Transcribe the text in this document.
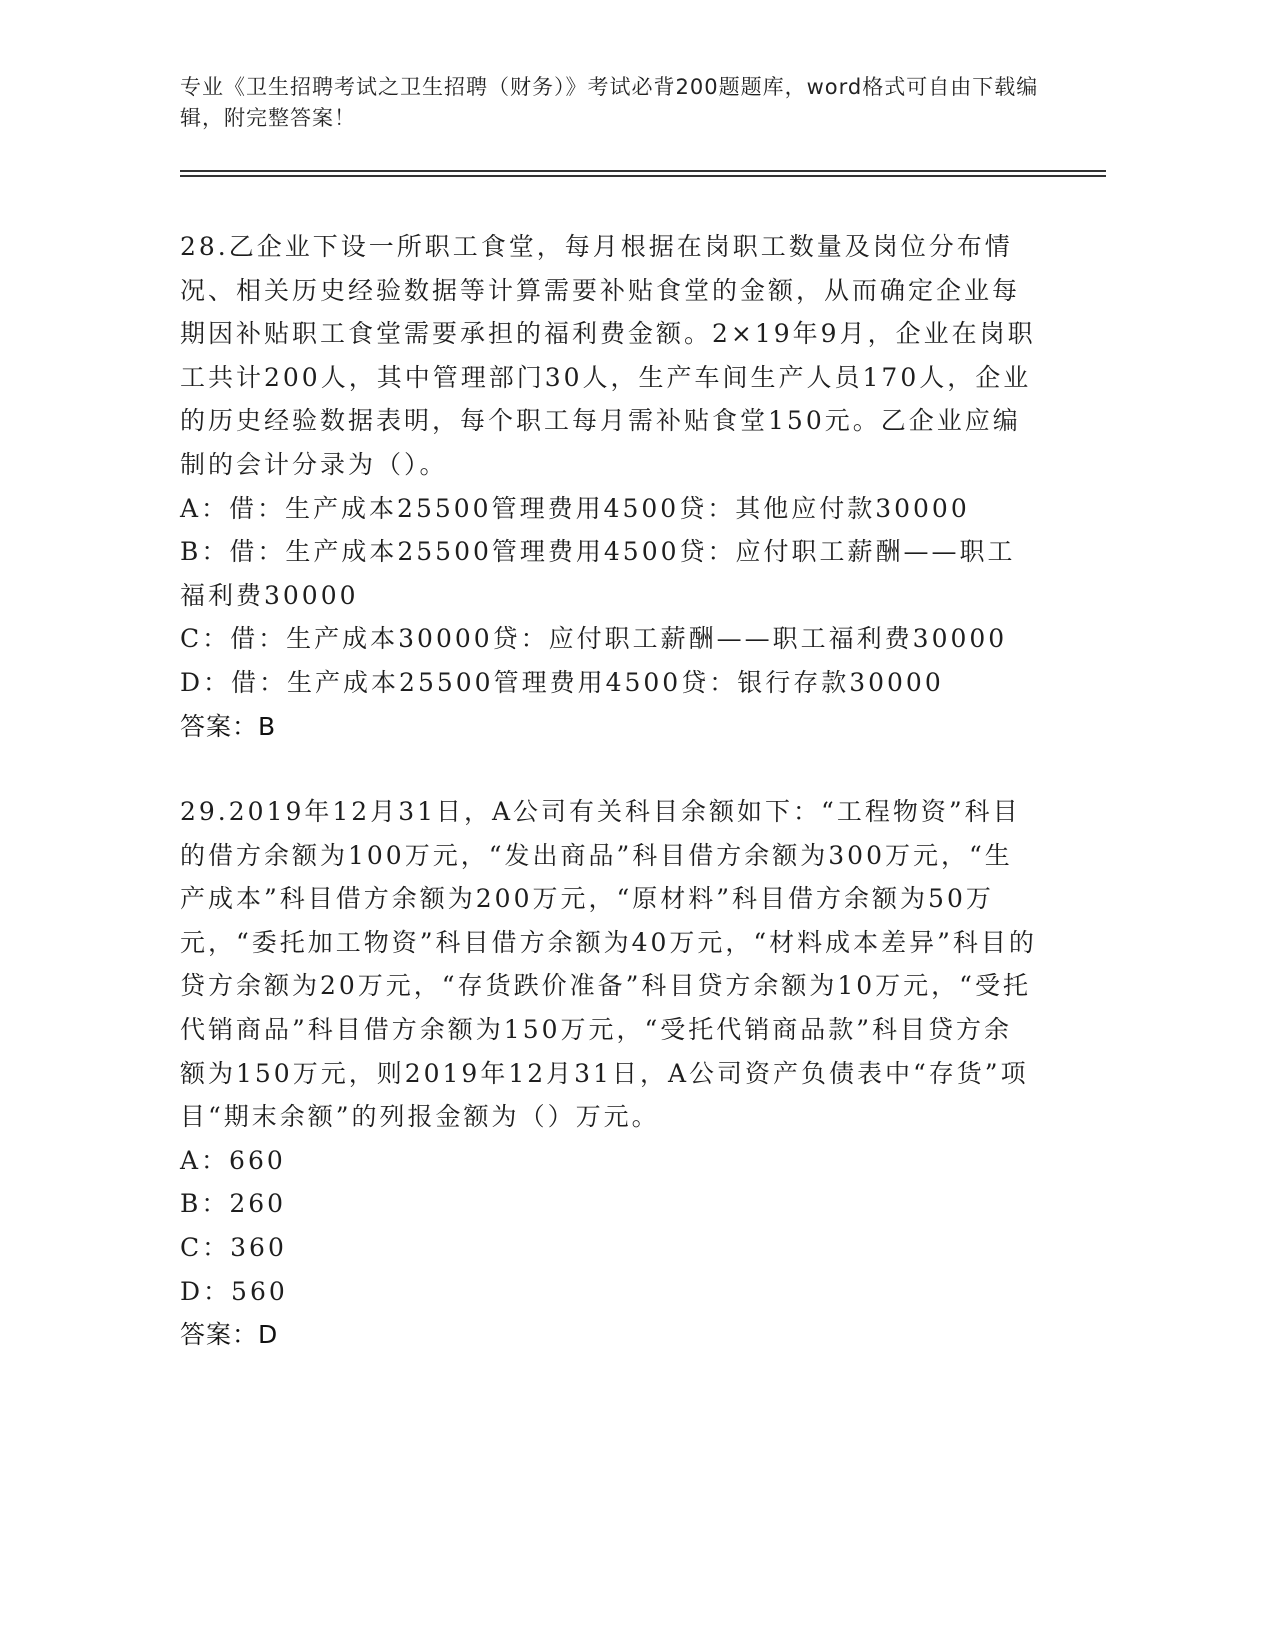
专业《卫生招聘考试之卫生招聘（财务）》考试必背200题题库，word格式可自由下载编辑，附完整答案！

28.乙企业下设一所职工食堂，每月根据在岗职工数量及岗位分布情况、相关历史经验数据等计算需要补贴食堂的金额，从而确定企业每期因补贴职工食堂需要承担的福利费金额。2×19年9月，企业在岗职工共计200人，其中管理部门30人，生产车间生产人员170人，企业的历史经验数据表明，每个职工每月需补贴食堂150元。乙企业应编制的会计分录为（）。

A：借：生产成本25500管理费用4500贷：其他应付款30000

B：借：生产成本25500管理费用4500贷：应付职工薪酬——职工福利费30000

C：借：生产成本30000贷：应付职工薪酬——职工福利费30000

D：借：生产成本25500管理费用4500贷：银行存款30000

答案：B

29.2019年12月31日，A公司有关科目余额如下：“工程物资”科目的借方余额为100万元，“发出商品”科目借方余额为300万元，“生产成本”科目借方余额为200万元，“原材料”科目借方余额为50万元，“委托加工物资”科目借方余额为40万元，“材料成本差异”科目的贷方余额为20万元，“存货跌价准备”科目贷方余额为10万元，“受托代销商品”科目借方余额为150万元，“受托代销商品款”科目贷方余额为150万元，则2019年12月31日，A公司资产负债表中“存货”项目“期末余额”的列报金额为（）万元。

A：660

B：260

C：360

D：560

答案：D
